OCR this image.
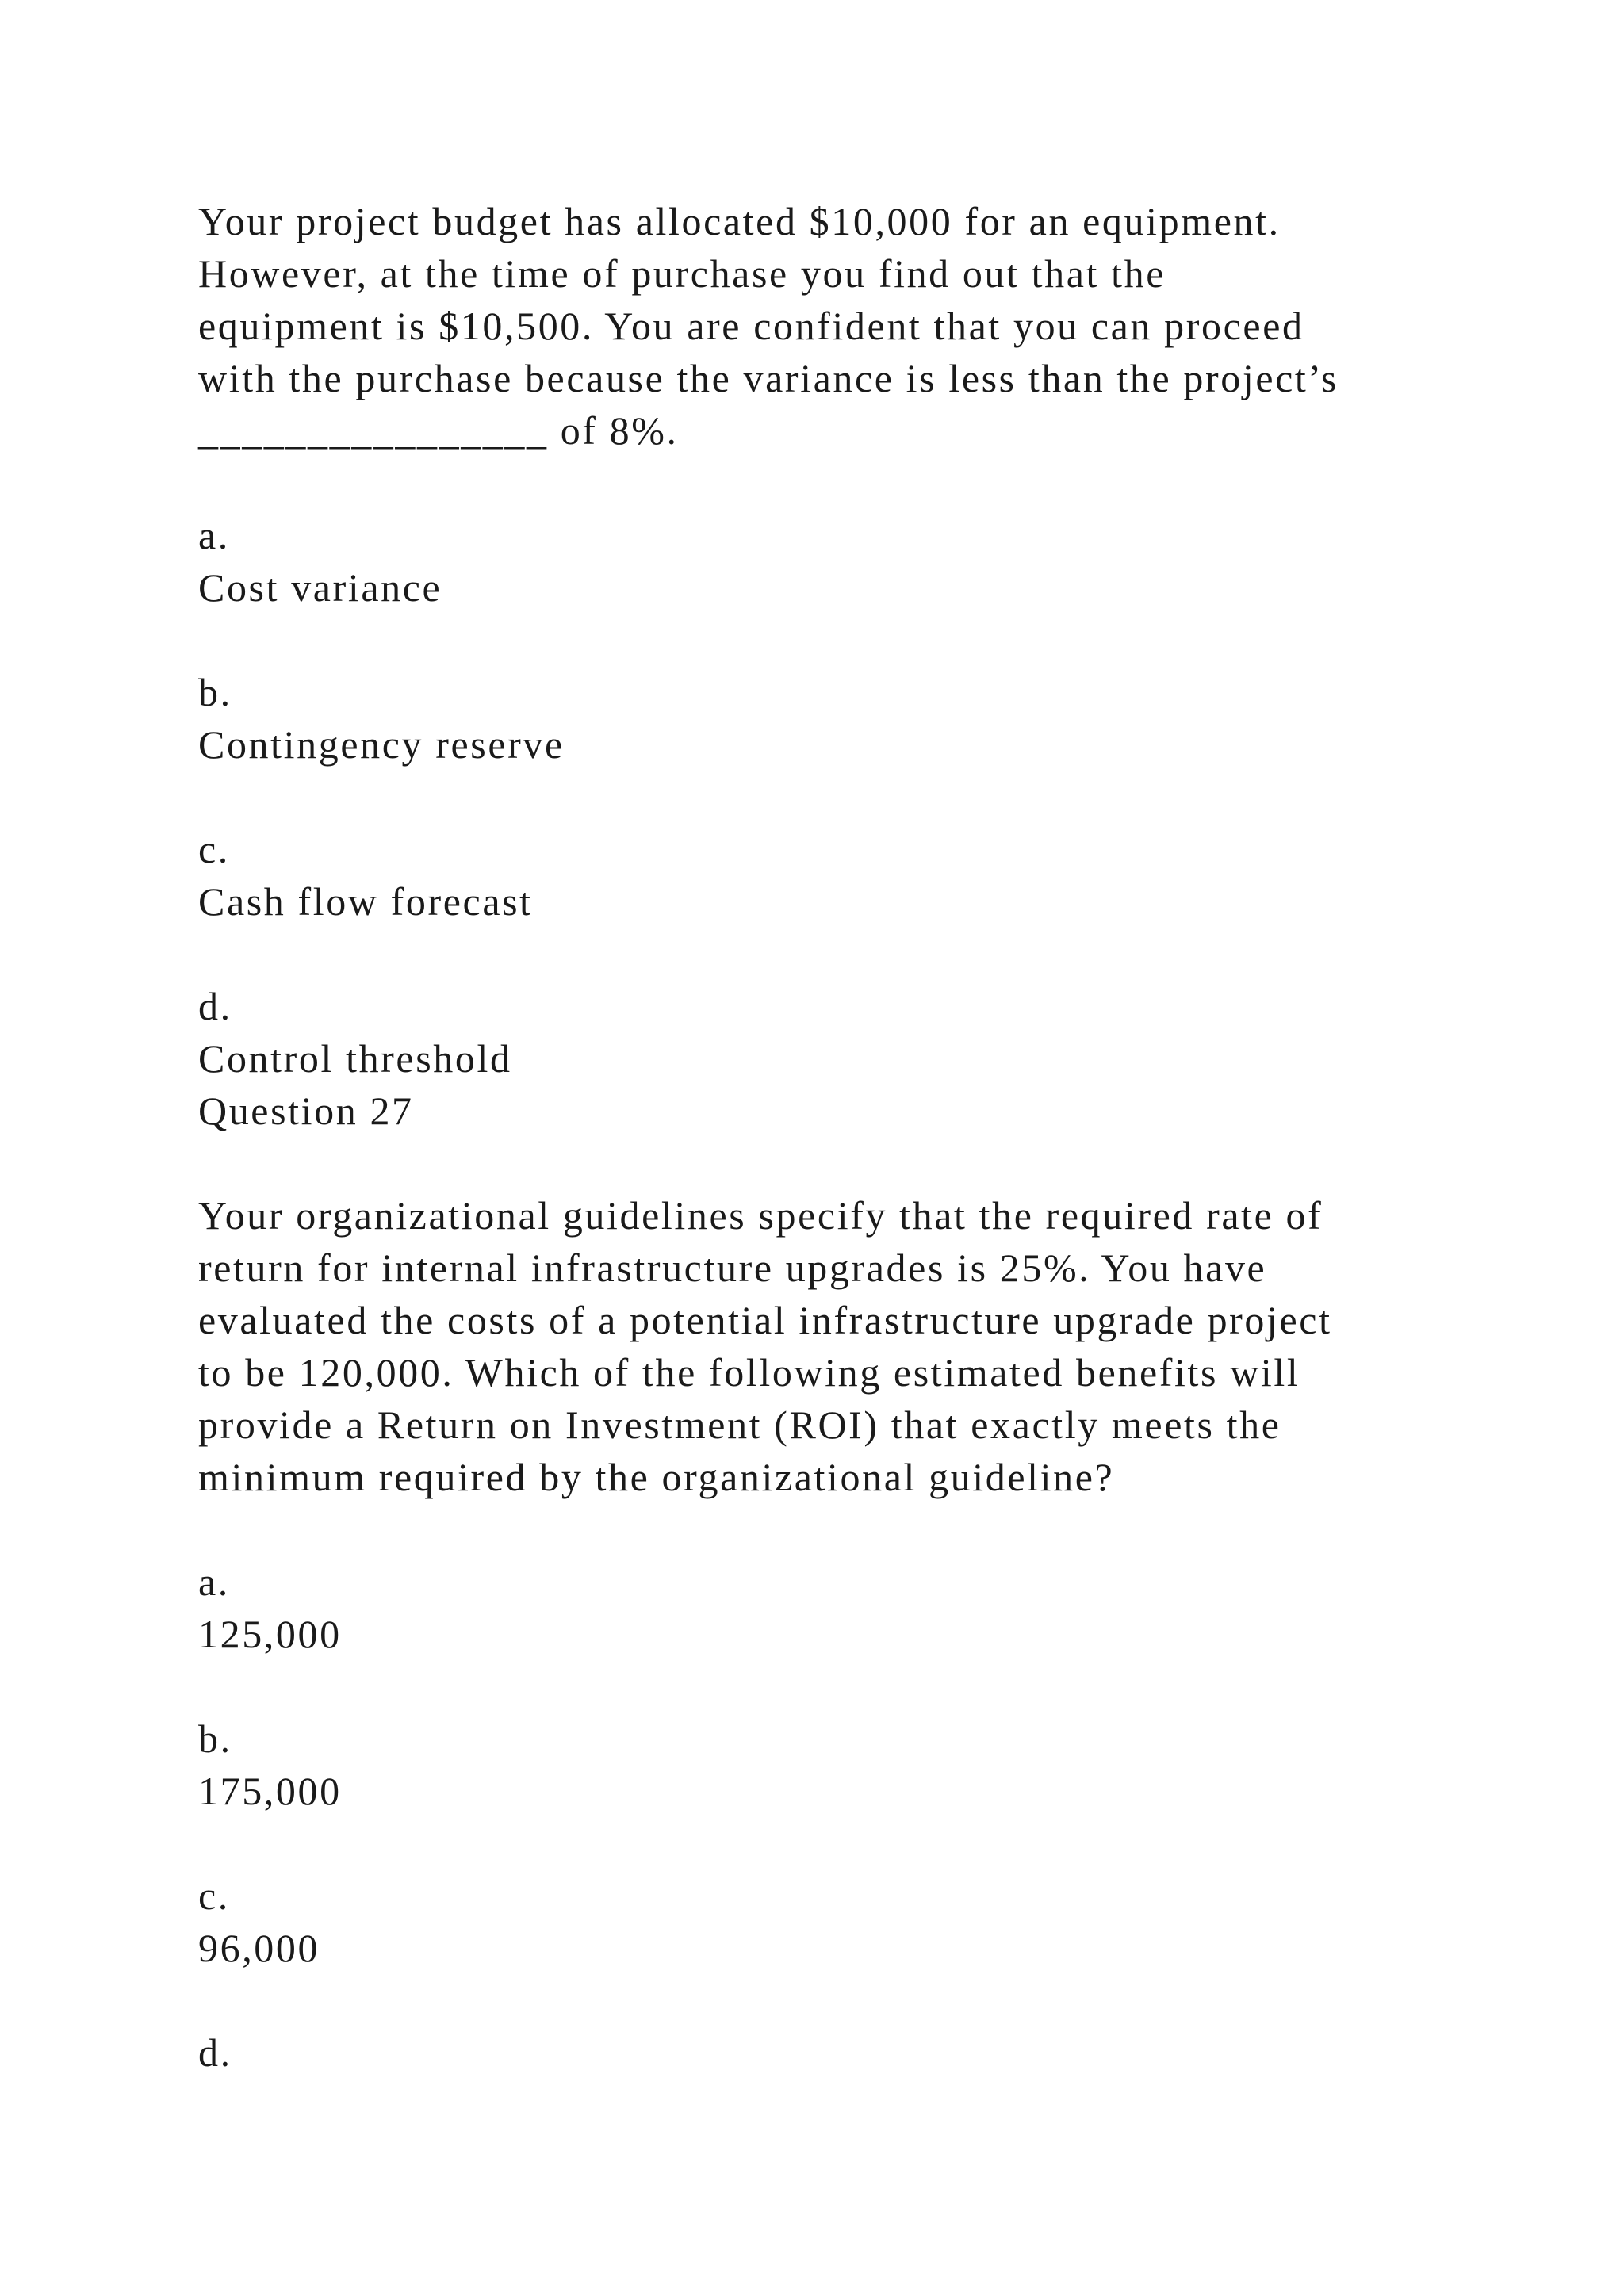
Your project budget has allocated $10,000 for an equipment.
However, at the time of purchase you find out that the
equipment is $10,500. You are confident that you can proceed
with the purchase because the variance is less than the project’s
________________ of 8%.
a.
Cost variance
b.
Contingency reserve
c.
Cash flow forecast
d.
Control threshold
Question 27
Your organizational guidelines specify that the required rate of
return for internal infrastructure upgrades is 25%. You have
evaluated the costs of a potential infrastructure upgrade project
to be 120,000. Which of the following estimated benefits will
provide a Return on Investment (ROI) that exactly meets the
minimum required by the organizational guideline?
a.
125,000
b.
175,000
c.
96,000
d.
